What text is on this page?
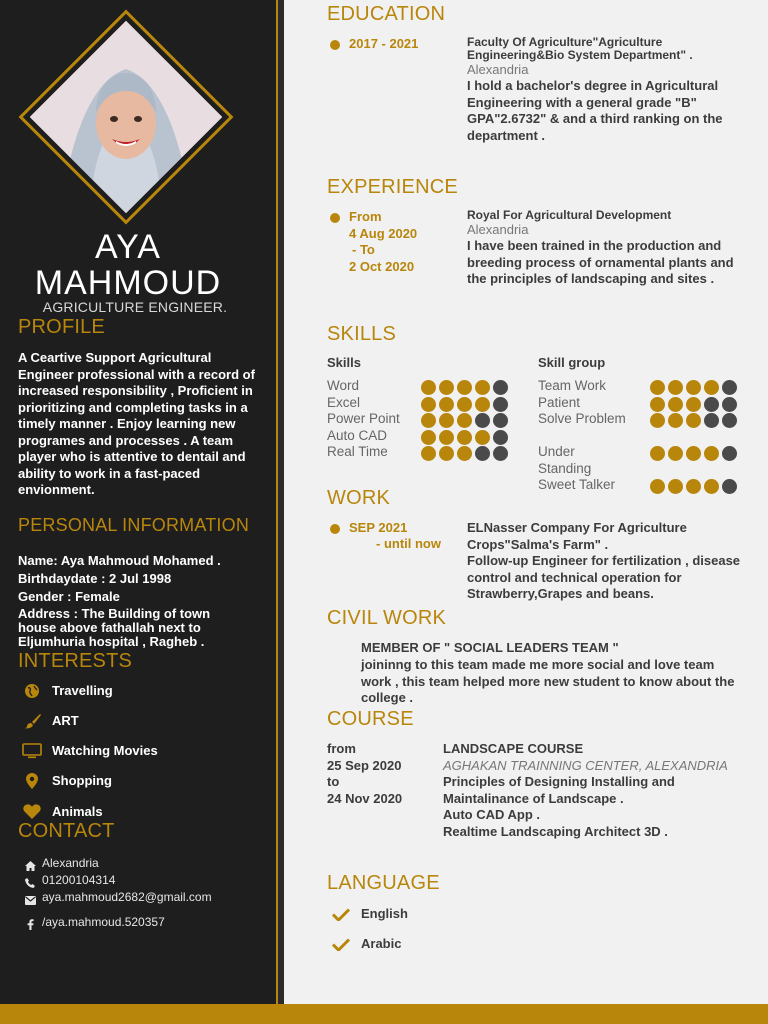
AYA
MAHMOUD
AGRICULTURE ENGINEER.
PROFILE
A Ceartive Support Agricultural Engineer professional with a record of increased responsibility , Proficient in prioritizing and completing tasks in a timely manner . Enjoy learning new programes and processes . A team player who is attentive to dentail and ability to work in a fast-paced envionment.
PERSONAL INFORMATION
Name: Aya Mahmoud Mohamed .
Birthdaydate : 2 Jul 1998
Gender : Female
Address : The Building of town house above fathallah next to Eljumhuria hospital , Ragheb .
INTERESTS
Travelling
ART
Watching Movies
Shopping
Animals
CONTACT
Alexandria
01200104314
aya.mahmoud2682@gmail.com
/aya.mahmoud.520357
EDUCATION
2017 - 2021	Faculty Of Agriculture"Agriculture Engineering&Bio System Department" .
Alexandria
I hold a bachelor's degree in Agricultural Engineering with a general grade "B" GPA"2.6732" & and a third ranking on the department .
EXPERIENCE
From
4 Aug 2020
- To
2 Oct 2020
Royal For Agricultural Development
Alexandria
I have been trained in the production and breeding process of ornamental plants and the principles of landscaping and sites .
SKILLS
Skills	Skill group
Word
Excel
Power Point
Auto CAD
Real Time
Team Work
Patient
Solve Problem
Under Standing
Sweet Talker
WORK
SEP 2021
- until now
ELNasser Company For Agriculture Crops"Salma's Farm" .
Follow-up Engineer for fertilization , disease control and technical operation for Strawberry,Grapes and beans.
CIVIL WORK
MEMBER OF " SOCIAL LEADERS TEAM "
joininng to this team made me more social and love team work , this team helped more new student to know about the college .
COURSE
from
25 Sep 2020
to
24 Nov 2020
LANDSCAPE COURSE
AGHAKAN TRAINNING CENTER, ALEXANDRIA
Principles of Designing Installing and Maintalinance of Landscape .
Auto CAD App .
Realtime Landscaping Architect 3D .
LANGUAGE
English
Arabic
